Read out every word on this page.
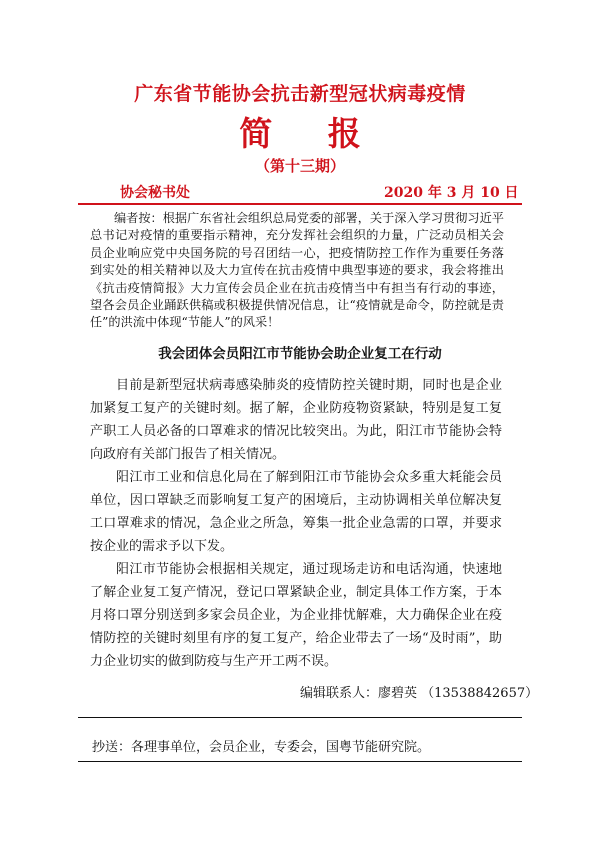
广东省节能协会抗击新型冠状病毒疫情
简 报
（第十三期）
协会秘书处	2020 年 3 月 10 日
编者按：根据广东省社会组织总局党委的部署，关于深入学习贯彻习近平总书记对疫情的重要指示精神，充分发挥社会组织的力量，广泛动员相关会员企业响应党中央国务院的号召团结一心，把疫情防控工作作为重要任务落到实处的相关精神以及大力宣传在抗击疫情中典型事迹的要求，我会将推出《抗击疫情简报》大力宣传会员企业在抗击疫情当中有担当有行动的事迹，望各会员企业踊跃供稿或积极提供情况信息，让“疫情就是命令，防控就是责任”的洪流中体现“节能人”的风采！
我会团体会员阳江市节能协会助企业复工在行动

目前是新型冠状病毒感染肺炎的疫情防控关键时期，同时也是企业加紧复工复产的关键时刻。据了解，企业防疫物资紧缺，特别是复工复产职工人员必备的口罩难求的情况比较突出。为此，阳江市节能协会特向政府有关部门报告了相关情况。

阳江市工业和信息化局在了解到阳江市节能协会众多重大耗能会员单位，因口罩缺乏而影响复工复产的困境后，主动协调相关单位解决复工口罩难求的情况，急企业之所急，筹集一批企业急需的口罩，并要求按企业的需求予以下发。

阳江市节能协会根据相关规定，通过现场走访和电话沟通，快速地了解企业复工复产情况，登记口罩紧缺企业，制定具体工作方案，于本月将口罩分别送到多家会员企业，为企业排忧解难，大力确保企业在疫情防控的关键时刻里有序的复工复产，给企业带去了一场“及时雨”，助力企业切实的做到防疫与生产开工两不误。

编辑联系人：廖碧英 （13538842657）
抄送：各理事单位，会员企业，专委会，国粤节能研究院。
